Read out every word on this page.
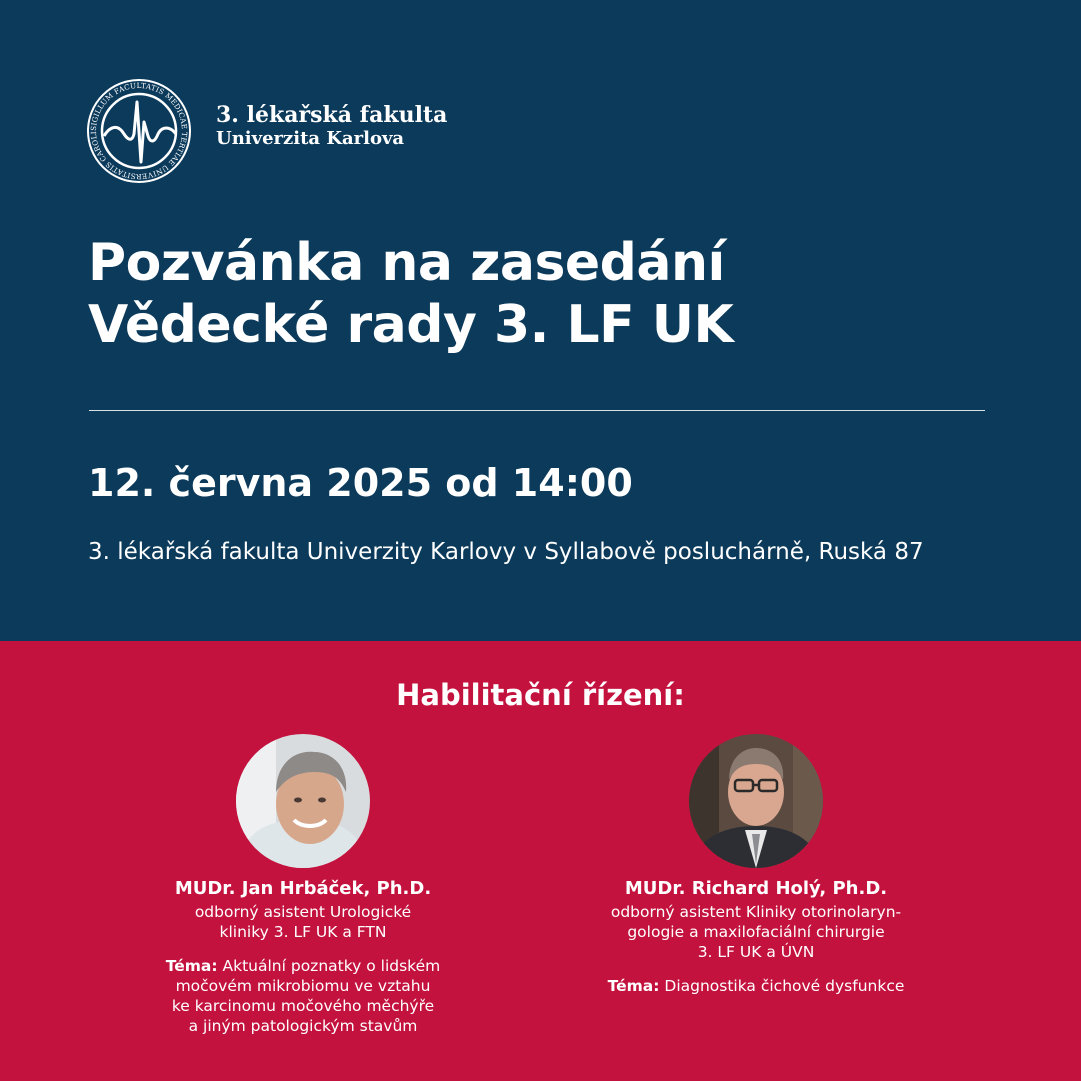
SIGILLUM FACULTATIS MEDICAE TERTIAE UNIVERSITATIS CAROLI
3. lékařská fakulta
Univerzita Karlova
Pozvánka na zasedání
Vědecké rady 3. LF UK
12. června 2025 od 14:00
3. lékařská fakulta Univerzity Karlovy v Syllabově posluchárně, Ruská 87
Habilitační řízení:
MUDr. Jan Hrbáček, Ph.D.
odborný asistent Urologické
kliniky 3. LF UK a FTN
Téma: Aktuální poznatky o lidském
močovém mikrobiomu ve vztahu
ke karcinomu močového měchýře
a jiným patologickým stavům
MUDr. Richard Holý, Ph.D.
odborný asistent Kliniky otorinolaryn-
gologie a maxilofaciální chirurgie
3. LF UK a ÚVN
Téma: Diagnostika čichové dysfunkce
